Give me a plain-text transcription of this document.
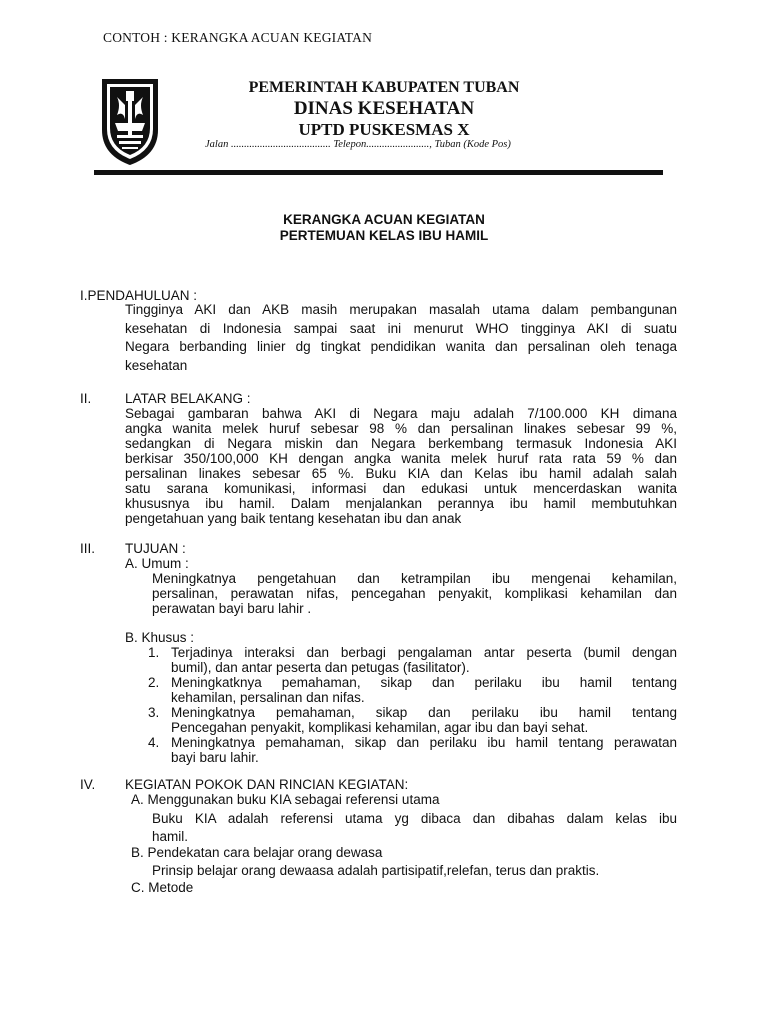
CONTOH : KERANGKA ACUAN KEGIATAN
PEMERINTAH KABUPATEN TUBAN
DINAS KESEHATAN
UPTD PUSKESMAS X
Jalan ...................................... Telepon........................, Tuban (Kode Pos)
KERANGKA ACUAN KEGIATAN
PERTEMUAN KELAS IBU HAMIL
I.PENDAHULUAN :
Tingginya AKI dan AKB masih merupakan masalah utama dalam pembangunan
kesehatan di Indonesia sampai saat ini menurut WHO tingginya AKI di suatu
Negara berbanding linier dg tingkat pendidikan wanita dan persalinan oleh tenaga
kesehatan
II. LATAR BELAKANG :
Sebagai gambaran bahwa AKI di Negara maju adalah 7/100.000 KH dimana
angka wanita melek huruf sebesar 98 % dan persalinan linakes sebesar 99 %,
sedangkan di Negara miskin dan Negara berkembang termasuk Indonesia AKI
berkisar 350/100,000 KH dengan angka wanita melek huruf rata rata 59 % dan
persalinan linakes sebesar 65 %. Buku KIA dan Kelas ibu hamil adalah salah
satu sarana komunikasi, informasi dan edukasi untuk mencerdaskan wanita
khususnya ibu hamil. Dalam menjalankan perannya ibu hamil membutuhkan
pengetahuan yang baik tentang kesehatan ibu dan anak
III. TUJUAN :
A. Umum :
Meningkatnya pengetahuan dan ketrampilan ibu mengenai kehamilan,
persalinan, perawatan nifas, pencegahan penyakit, komplikasi kehamilan dan
perawatan bayi baru lahir .
B. Khusus :
1. Terjadinya interaksi dan berbagi pengalaman antar peserta (bumil dengan
bumil), dan antar peserta dan petugas (fasilitator).
2. Meningkatknya pemahaman, sikap dan perilaku ibu hamil tentang
kehamilan, persalinan dan nifas.
3. Meningkatnya pemahaman, sikap dan perilaku ibu hamil tentang
Pencegahan penyakit, komplikasi kehamilan, agar ibu dan bayi sehat.
4. Meningkatnya pemahaman, sikap dan perilaku ibu hamil tentang perawatan
bayi baru lahir.
IV. KEGIATAN POKOK DAN RINCIAN KEGIATAN:
A. Menggunakan buku KIA sebagai referensi utama
Buku KIA adalah referensi utama yg dibaca dan dibahas dalam kelas ibu
hamil.
B. Pendekatan cara belajar orang dewasa
Prinsip belajar orang dewaasa adalah partisipatif,relefan, terus dan praktis.
C. Metode
